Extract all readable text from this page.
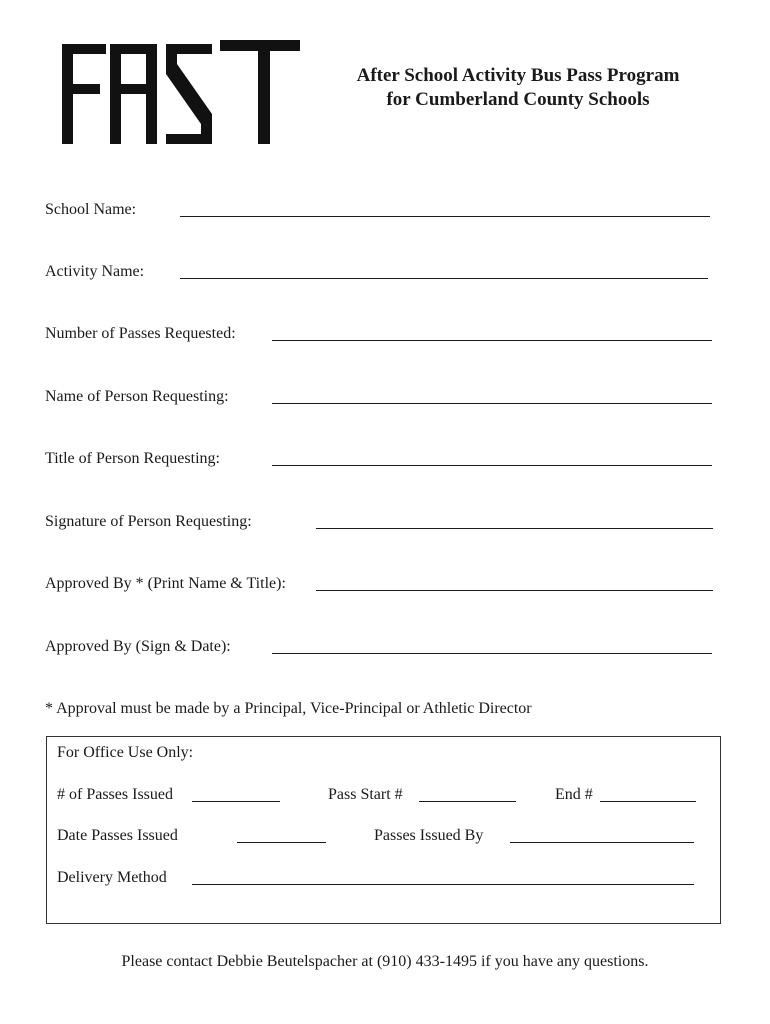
After School Activity Bus Pass Program
for Cumberland County Schools
School Name:
Activity Name:
Number of Passes Requested:
Name of Person Requesting:
Title of Person Requesting:
Signature of Person Requesting:
Approved By * (Print Name & Title):
Approved By (Sign & Date):
* Approval must be made by a Principal, Vice-Principal or Athletic Director
For Office Use Only:
# of Passes Issued	Pass Start #	End #
Date Passes Issued	Passes Issued By
Delivery Method
Please contact Debbie Beutelspacher at (910) 433-1495 if you have any questions.
